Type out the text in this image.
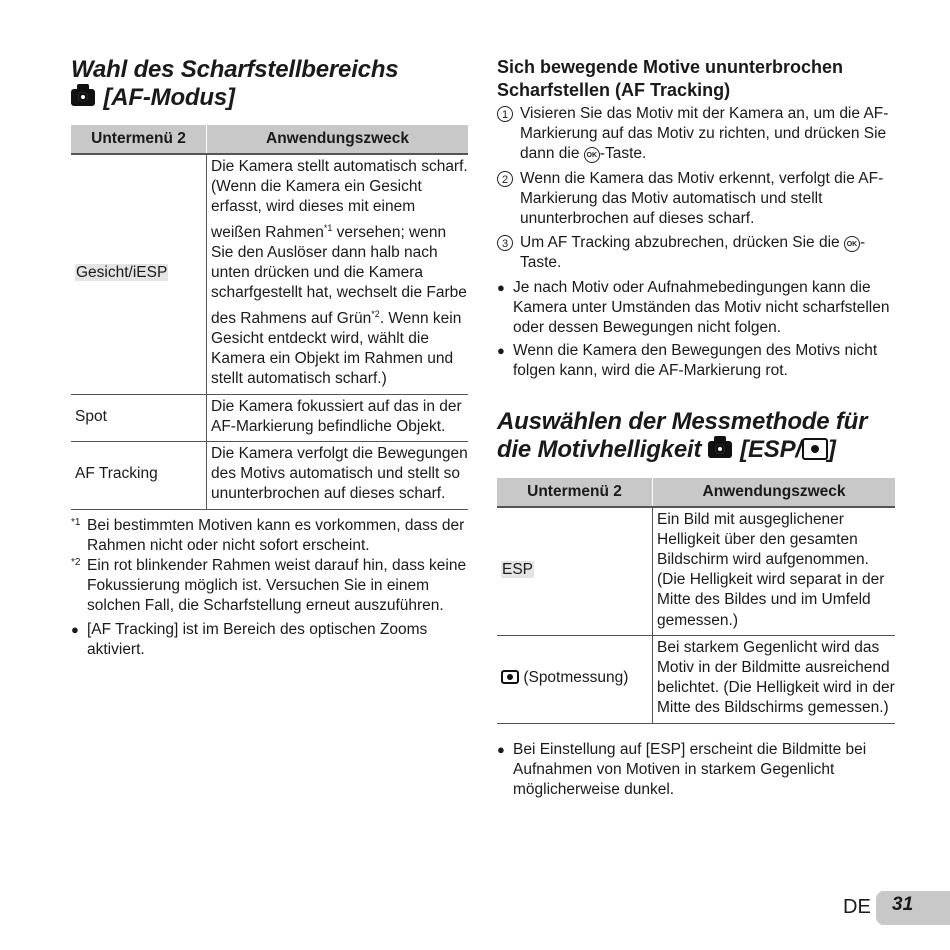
Wahl des Scharfstellbereichs
[AF-Modus]
Untermenü 2	Anwendungszweck
Gesicht/iESP	Die Kamera stellt automatisch scharf. (Wenn die Kamera ein Gesicht erfasst, wird dieses mit einem weißen Rahmen$^{*1}$ versehen; wenn Sie den Auslöser dann halb nach unten drücken und die Kamera scharfgestellt hat, wechselt die Farbe des Rahmens auf Grün$^{*2}$. Wenn kein Gesicht entdeckt wird, wählt die Kamera ein Objekt im Rahmen und stellt automatisch scharf.)
Spot	Die Kamera fokussiert auf das in der AF-Markierung befindliche Objekt.
AF Tracking	Die Kamera verfolgt die Bewegungen des Motivs automatisch und stellt so ununterbrochen auf dieses scharf.

*1 Bei bestimmten Motiven kann es vorkommen, dass der Rahmen nicht oder nicht sofort erscheint.

*2 Ein rot blinkender Rahmen weist darauf hin, dass keine Fokussierung möglich ist. Versuchen Sie in einem solchen Fall, die Scharfstellung erneut auszuführen.

● [AF Tracking] ist im Bereich des optischen Zooms aktiviert.

Sich bewegende Motive ununterbrochen Scharfstellen (AF Tracking)

1 Visieren Sie das Motiv mit der Kamera an, um die AF-Markierung auf das Motiv zu richten, und drücken Sie dann die OK -Taste.

2 Wenn die Kamera das Motiv erkennt, verfolgt die AF-Markierung das Motiv automatisch und stellt ununterbrochen auf dieses scharf.

3 Um AF Tracking abzubrechen, drücken Sie die OK -Taste.

● Je nach Motiv oder Aufnahmebedingungen kann die Kamera unter Umständen das Motiv nicht scharfstellen oder dessen Bewegungen nicht folgen.

● Wenn die Kamera den Bewegungen des Motivs nicht folgen kann, wird die AF-Markierung rot.

Auswählen der Messmethode für
die Motivhelligkeit [ESP/ ]
Untermenü 2	Anwendungszweck
ESP	Ein Bild mit ausgeglichener Helligkeit über den gesamten Bildschirm wird aufgenommen. (Die Helligkeit wird separat in der Mitte des Bildes und im Umfeld gemessen.)
(Spotmessung)	Bei starkem Gegenlicht wird das Motiv in der Bildmitte ausreichend belichtet. (Die Helligkeit wird in der Mitte des Bildschirms gemessen.)

● Bei Einstellung auf [ESP] erscheint die Bildmitte bei Aufnahmen von Motiven in starkem Gegenlicht möglicherweise dunkel.

DE 31
